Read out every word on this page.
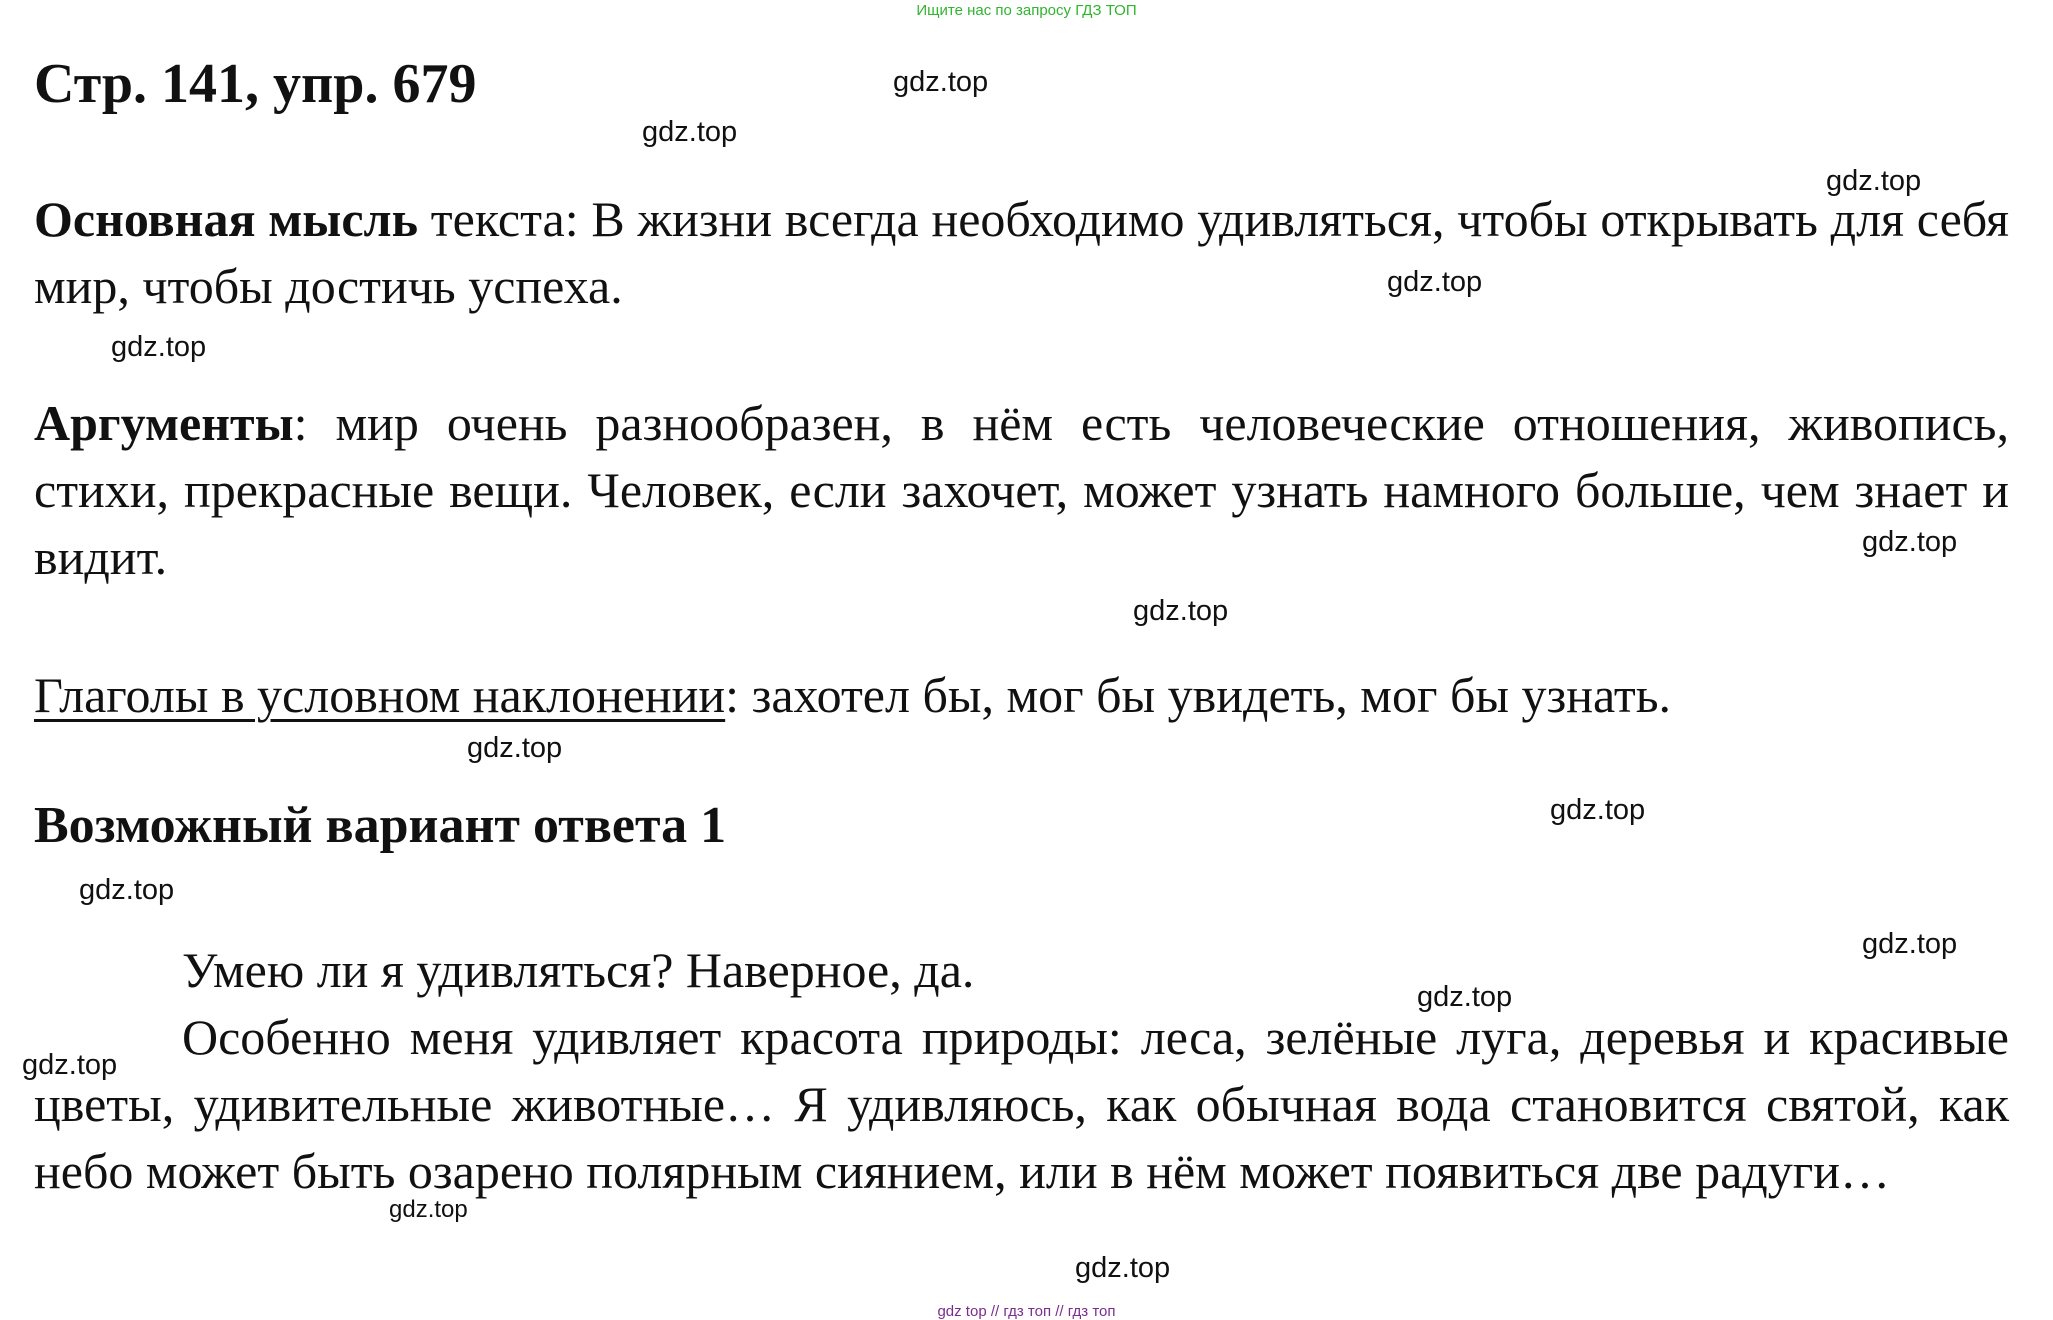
Ищите нас по запросу ГДЗ ТОП
Стр. 141, упр. 679

Основная мысль текста: В жизни всегда необходимо удивляться, чтобы открывать для себя мир, чтобы достичь успеха.

Аргументы: мир очень разнообразен, в нём есть человеческие отношения, живопись, стихи, прекрасные вещи. Человек, если захочет, может узнать намного больше, чем знает и видит.

Глаголы в условном наклонении: захотел бы, мог бы увидеть, мог бы узнать.

Возможный вариант ответа 1

Умею ли я удивляться? Наверное, да.

Особенно меня удивляет красота природы: леса, зелёные луга, деревья и красивые цветы, удивительные животные… Я удивляюсь, как обычная вода становится святой, как небо может быть озарено полярным сиянием, или в нём может появиться две радуги…

gdz.top
gdz.top
gdz.top
gdz.top
gdz.top
gdz.top
gdz.top
gdz.top
gdz.top
gdz.top
gdz.top
gdz.top
gdz.top
gdz.top
gdz.top
gdz top // гдз топ // гдз топ
